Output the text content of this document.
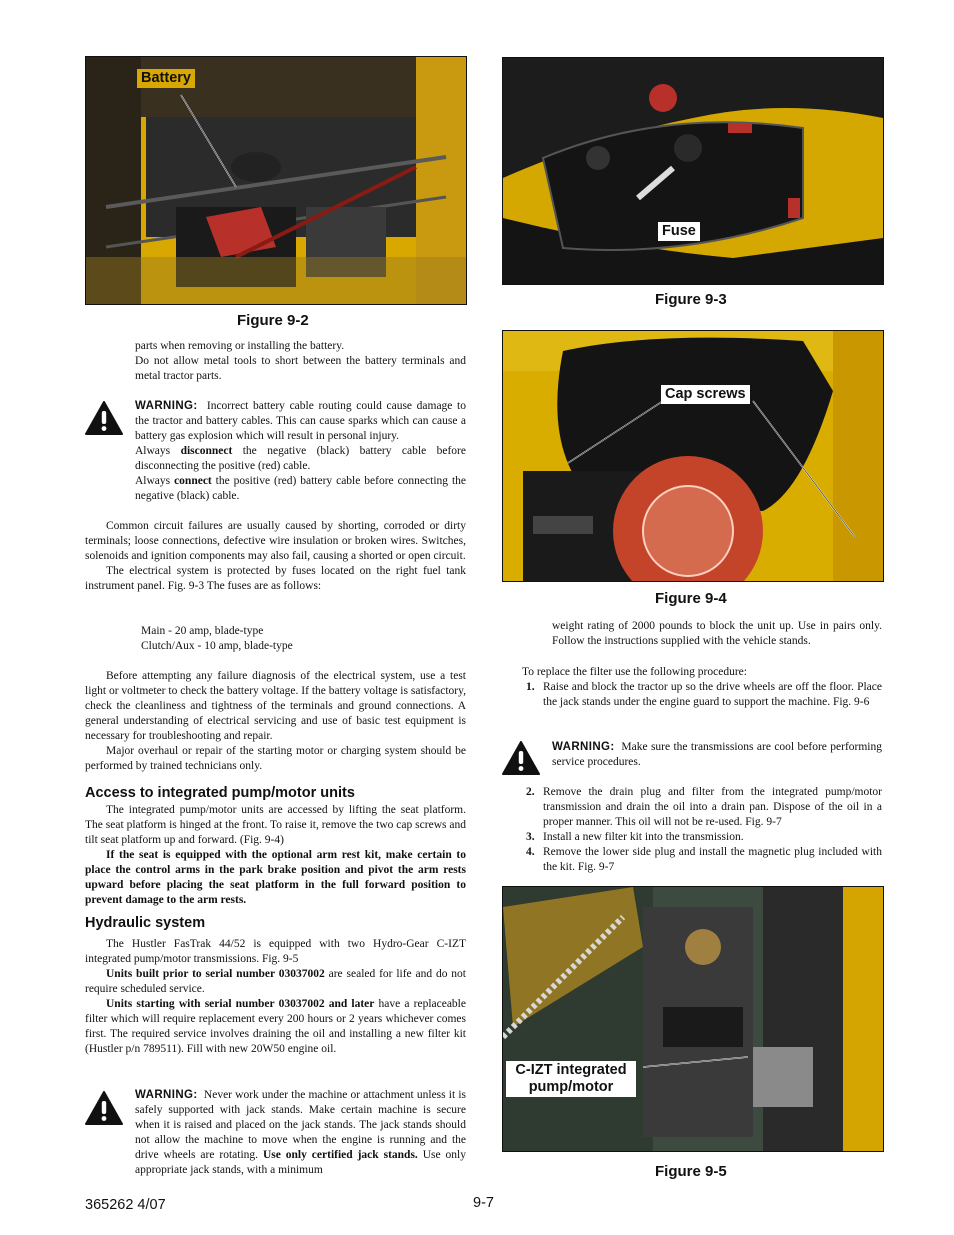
Battery
Figure 9-2
Fuse
Figure 9-3
Cap screws
Figure 9-4
C-IZT integrated
pump/motor
Figure 9-5

parts when removing or installing the battery.

Do not allow metal tools to short between the battery terminals and metal tractor parts.

WARNING: Incorrect battery cable routing could cause damage to the tractor and battery cables. This can cause sparks which can cause a battery gas explosion which will result in personal injury.

Always disconnect the negative (black) battery cable before disconnecting the positive (red) cable.

Always connect the positive (red) battery cable before connecting the negative (black) cable.

Common circuit failures are usually caused by shorting, corroded or dirty terminals; loose connections, defective wire insulation or broken wires. Switches, solenoids and ignition components may also fail, causing a shorted or open circuit.

The electrical system is protected by fuses located on the right fuel tank instrument panel. Fig. 9-3 The fuses are as follows:

Main - 20 amp, blade-type

Clutch/Aux - 10 amp, blade-type

Before attempting any failure diagnosis of the electrical system, use a test light or voltmeter to check the battery voltage. If the battery voltage is satisfactory, check the cleanliness and tightness of the terminals and ground connections. A general understanding of electrical servicing and use of basic test equipment is necessary for troubleshooting and repair.

Major overhaul or repair of the starting motor or charging system should be performed by trained technicians only.

Access to integrated pump/motor units

The integrated pump/motor units are accessed by lifting the seat platform. The seat platform is hinged at the front. To raise it, remove the two cap screws and tilt seat platform up and forward. (Fig. 9-4)

If the seat is equipped with the optional arm rest kit, make certain to place the control arms in the park brake position and pivot the arm rests upward before placing the seat platform in the full forward position to prevent damage to the arm rests.

Hydraulic system

The Hustler FasTrak 44/52 is equipped with two Hydro-Gear C-IZT integrated pump/motor transmissions. Fig. 9-5

Units built prior to serial number 03037002 are sealed for life and do not require scheduled service.

Units starting with serial number 03037002 and later have a replaceable filter which will require replacement every 200 hours or 2 years whichever comes first. The required service involves draining the oil and installing a new filter kit (Hustler p/n 789511). Fill with new 20W50 engine oil.

WARNING: Never work under the machine or attachment unless it is safely supported with jack stands. Make certain machine is secure when it is raised and placed on the jack stands. The jack stands should not allow the machine to move when the engine is running and the drive wheels are rotating. Use only certified jack stands. Use only appropriate jack stands, with a minimum

weight rating of 2000 pounds to block the unit up. Use in pairs only. Follow the instructions supplied with the vehicle stands.

To replace the filter use the following procedure:

1. Raise and block the tractor up so the drive wheels are off the floor. Place the jack stands under the engine guard to support the machine. Fig. 9-6

WARNING: Make sure the transmissions are cool before performing service procedures.

2. Remove the drain plug and filter from the integrated pump/motor transmission and drain the oil into a drain pan. Dispose of the oil in a proper manner. This oil will not be re-used. Fig. 9-7
3. Install a new filter kit into the transmission.
4. Remove the lower side plug and install the magnetic plug included with the kit. Fig. 9-7
365262 4/07	9-7
